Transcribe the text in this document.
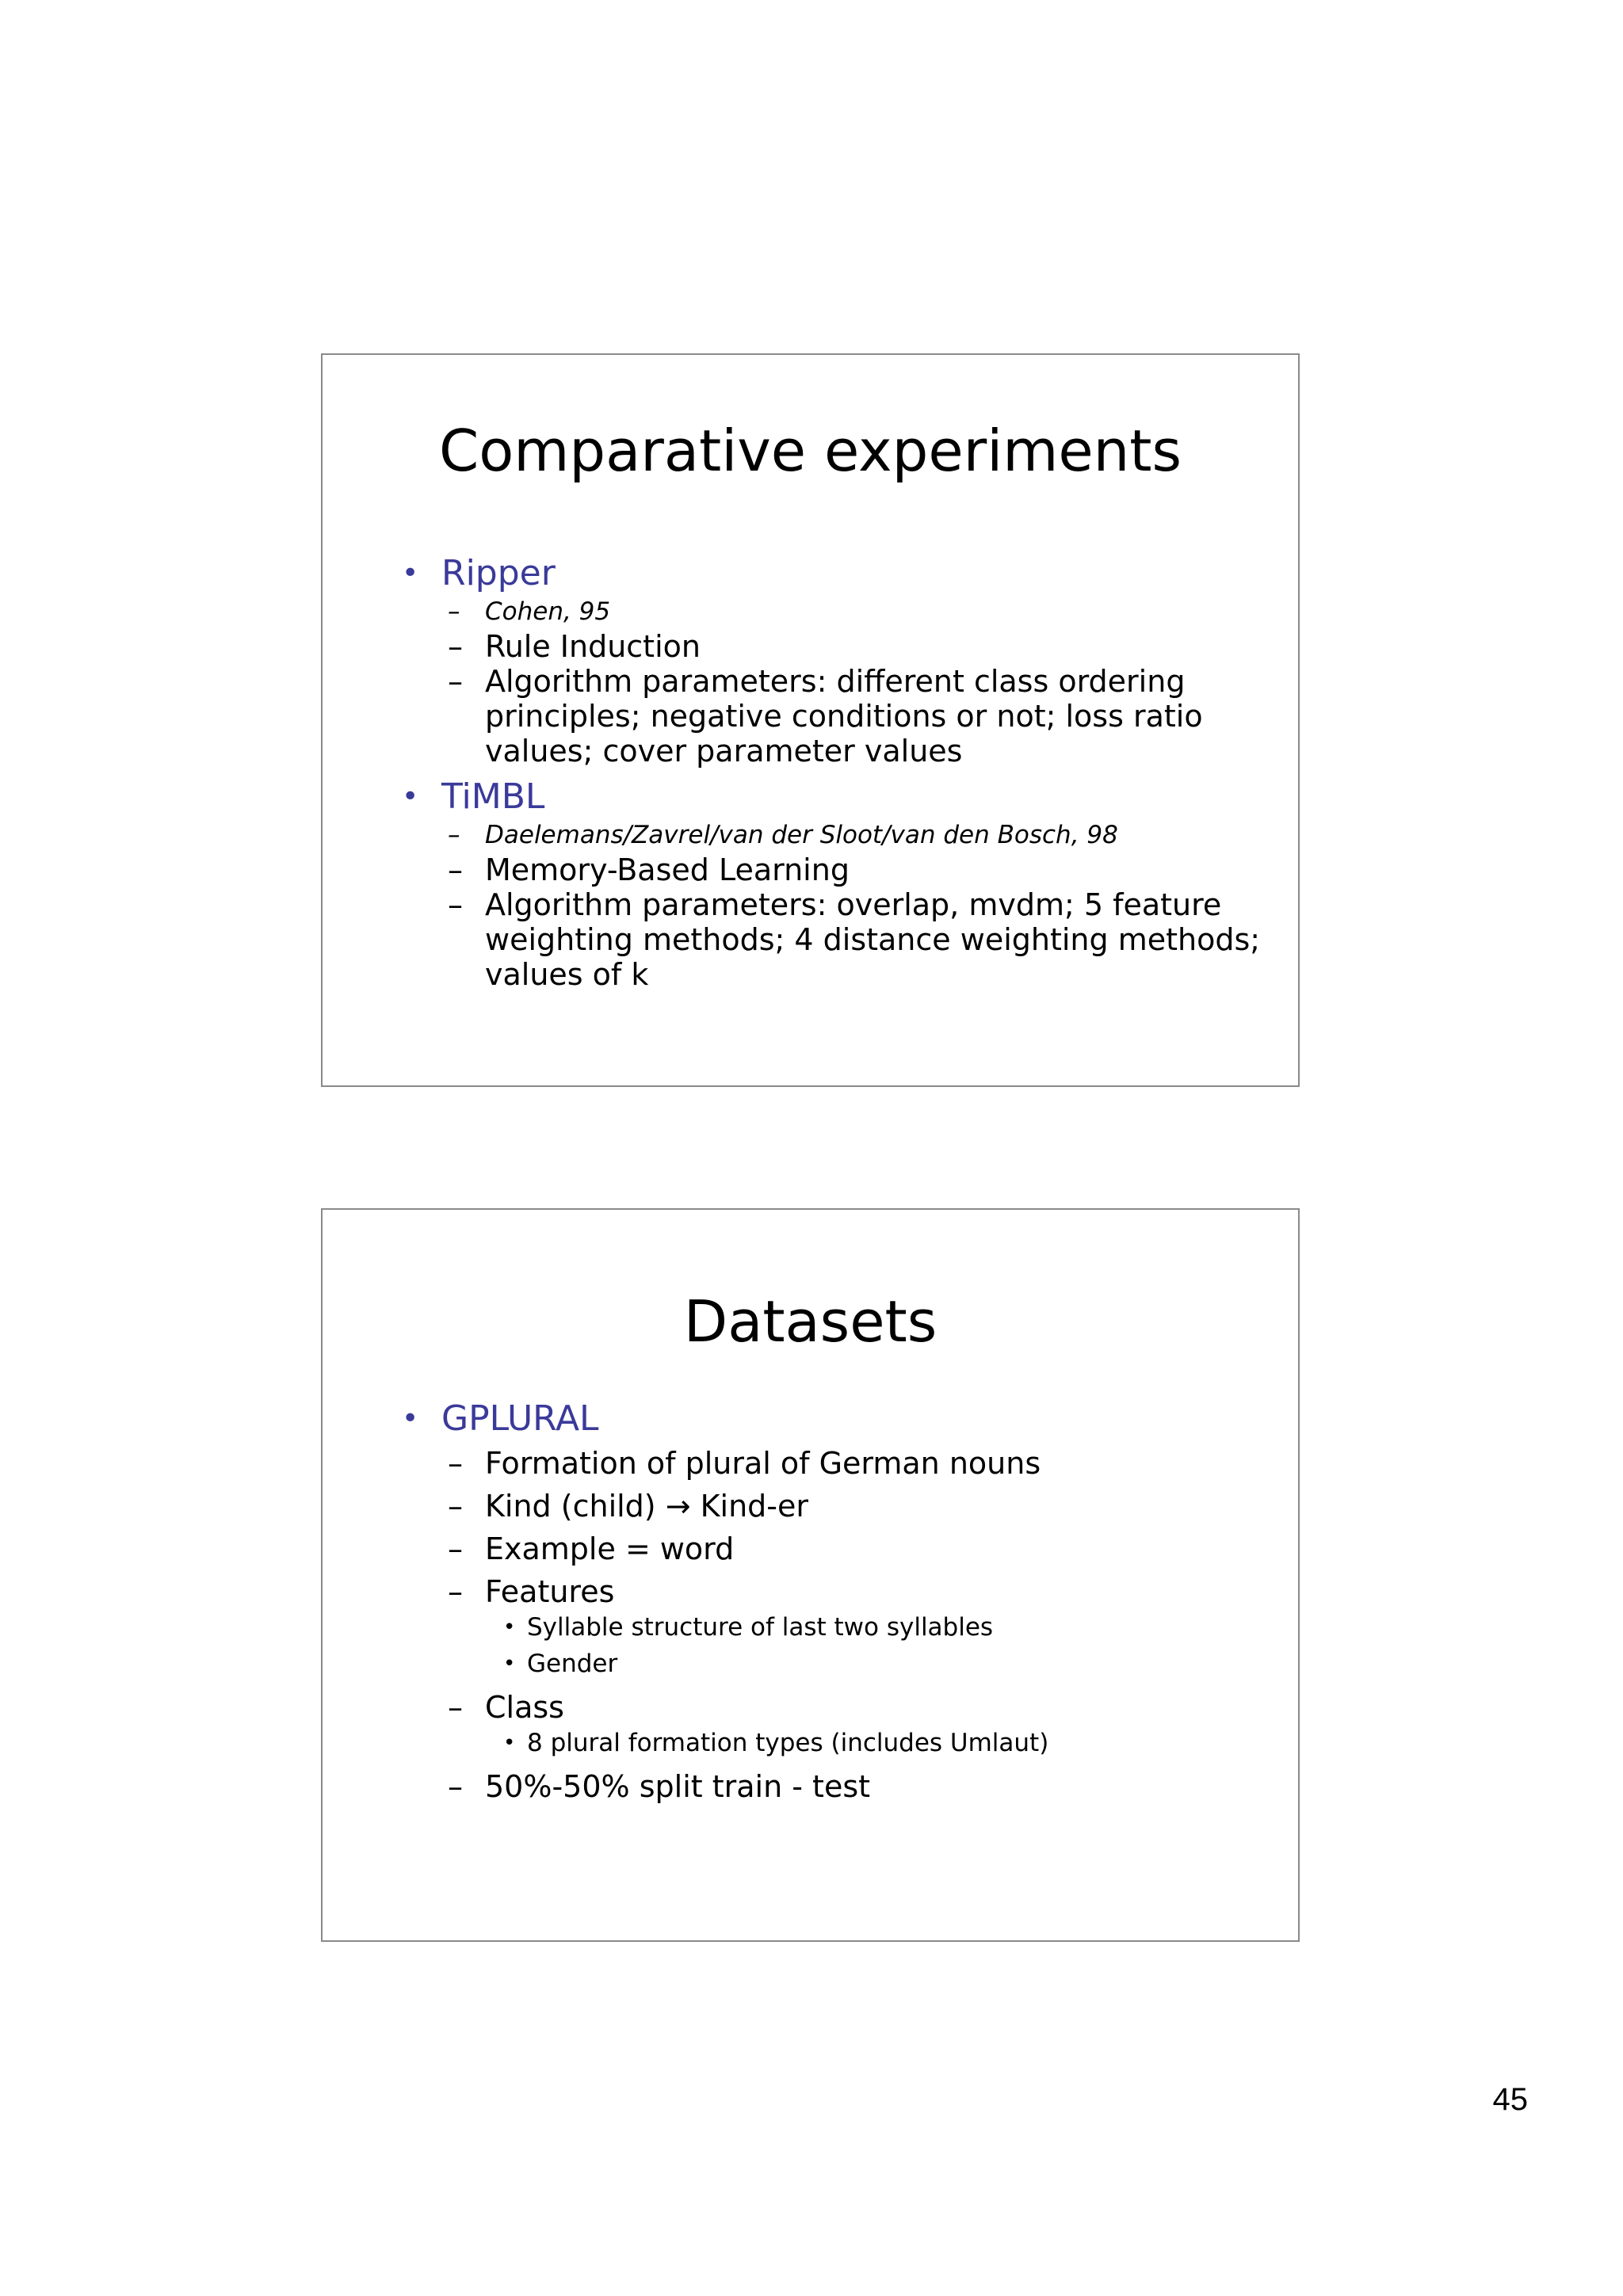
Comparative experiments

• Ripper

–	Cohen, 95

– Rule Induction

– Algorithm parameters: different class ordering principles; negative conditions or not; loss ratio values; cover parameter values

• TiMBL

–	Daelemans/Zavrel/van der Sloot/van den Bosch, 98

– Memory-Based Learning

– Algorithm parameters: overlap, mvdm; 5 feature weighting methods; 4 distance weighting methods; values of k

Datasets

• GPLURAL

– Formation of plural of German nouns

– Kind (child) → Kind-er

– Example = word

– Features

• Syllable structure of last two syllables

• Gender

– Class

• 8 plural formation types (includes Umlaut)

– 50%-50% split train - test

45
